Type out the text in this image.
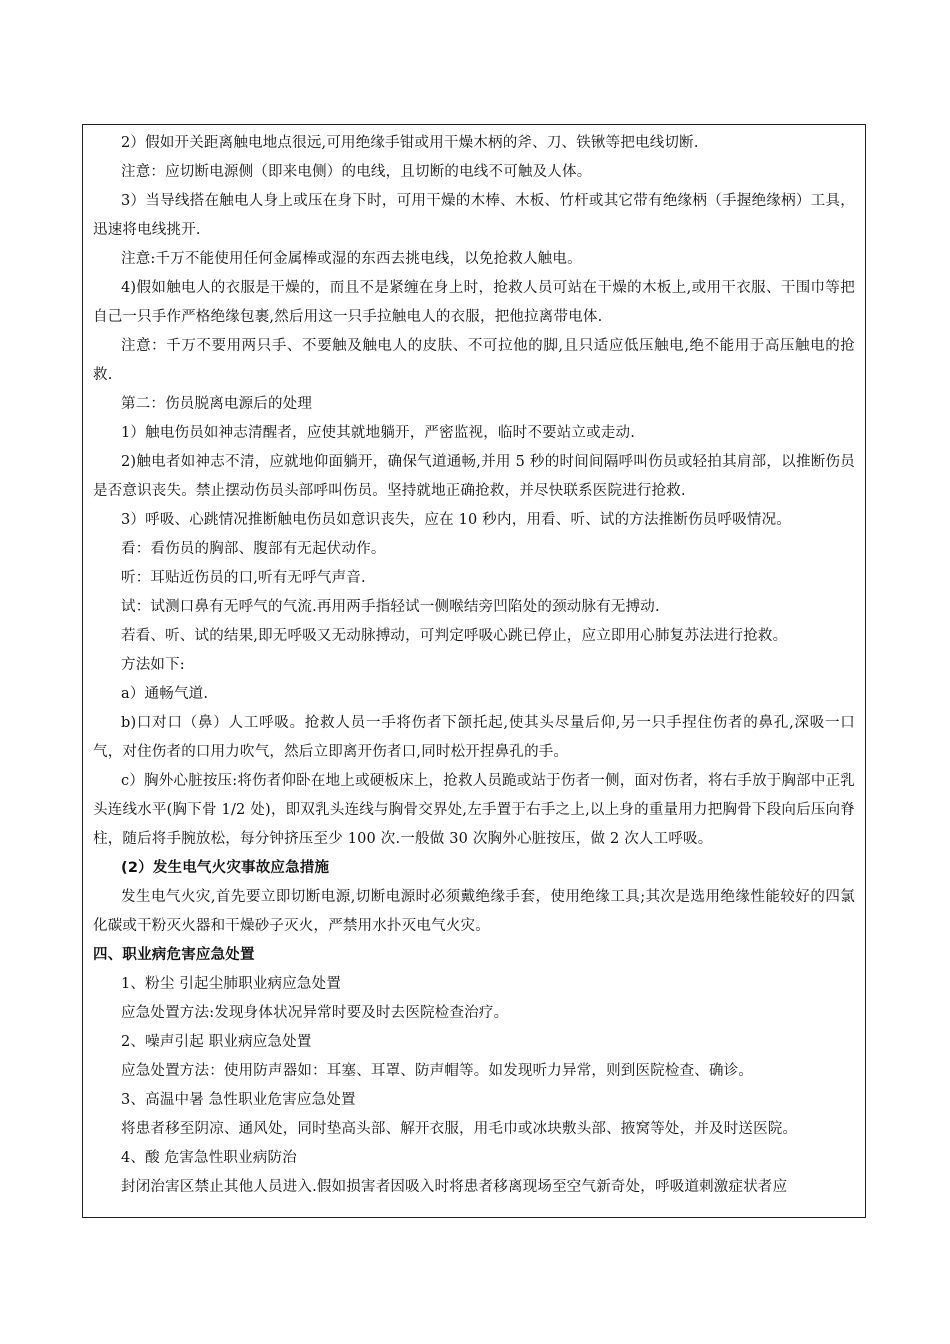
2）假如开关距离触电地点很远,可用绝缘手钳或用干燥木柄的斧、刀、铁锹等把电线切断.

注意：应切断电源侧（即来电侧）的电线，且切断的电线不可触及人体。

3）当导线搭在触电人身上或压在身下时，可用干燥的木棒、木板、竹杆或其它带有绝缘柄（手握绝缘柄）工具，迅速将电线挑开.

注意:千万不能使用任何金属棒或湿的东西去挑电线，以免抢救人触电。

4)假如触电人的衣服是干燥的，而且不是紧缠在身上时，抢救人员可站在干燥的木板上,或用干衣服、干围巾等把自己一只手作严格绝缘包裹,然后用这一只手拉触电人的衣服，把他拉离带电体.

注意：千万不要用两只手、不要触及触电人的皮肤、不可拉他的脚,且只适应低压触电,绝不能用于高压触电的抢救.

第二：伤员脱离电源后的处理

1）触电伤员如神志清醒者，应使其就地躺开，严密监视，临时不要站立或走动.

2)触电者如神志不清，应就地仰面躺开，确保气道通畅,并用 5 秒的时间间隔呼叫伤员或轻拍其肩部，以推断伤员是否意识丧失。禁止摆动伤员头部呼叫伤员。坚持就地正确抢救，并尽快联系医院进行抢救.

3）呼吸、心跳情况推断触电伤员如意识丧失，应在 10 秒内，用看、听、试的方法推断伤员呼吸情况。

看：看伤员的胸部、腹部有无起伏动作。

听：耳贴近伤员的口,听有无呼气声音.

试：试测口鼻有无呼气的气流.再用两手指轻试一侧喉结旁凹陷处的颈动脉有无搏动.

若看、听、试的结果,即无呼吸又无动脉搏动，可判定呼吸心跳已停止，应立即用心肺复苏法进行抢救。

方法如下:

a）通畅气道.

b)口对口（鼻）人工呼吸。抢救人员一手将伤者下颌托起,使其头尽量后仰,另一只手捏住伤者的鼻孔,深吸一口气，对住伤者的口用力吹气，然后立即离开伤者口,同时松开捏鼻孔的手。

c）胸外心脏按压:将伤者仰卧在地上或硬板床上，抢救人员跪或站于伤者一侧，面对伤者，将右手放于胸部中正乳头连线水平(胸下骨 1/2 处)，即双乳头连线与胸骨交界处,左手置于右手之上,以上身的重量用力把胸骨下段向后压向脊柱，随后将手腕放松，每分钟挤压至少 100 次.一般做 30 次胸外心脏按压，做 2 次人工呼吸。

(2）发生电气火灾事故应急措施

发生电气火灾,首先要立即切断电源,切断电源时必须戴绝缘手套，使用绝缘工具;其次是选用绝缘性能较好的四氯化碳或干粉灭火器和干燥砂子灭火，严禁用水扑灭电气火灾。

四、职业病危害应急处置

1、粉尘 引起尘肺职业病应急处置

应急处置方法:发现身体状况异常时要及时去医院检查治疗。

2、噪声引起 职业病应急处置

应急处置方法：使用防声器如：耳塞、耳罩、防声帽等。如发现听力异常，则到医院检查、确诊。

3、高温中暑 急性职业危害应急处置

将患者移至阴凉、通风处，同时垫高头部、解开衣服，用毛巾或冰块敷头部、掖窝等处，并及时送医院。

4、酸 危害急性职业病防治

封闭治害区禁止其他人员进入.假如损害者因吸入时将患者移离现场至空气新奇处，呼吸道刺激症状者应
